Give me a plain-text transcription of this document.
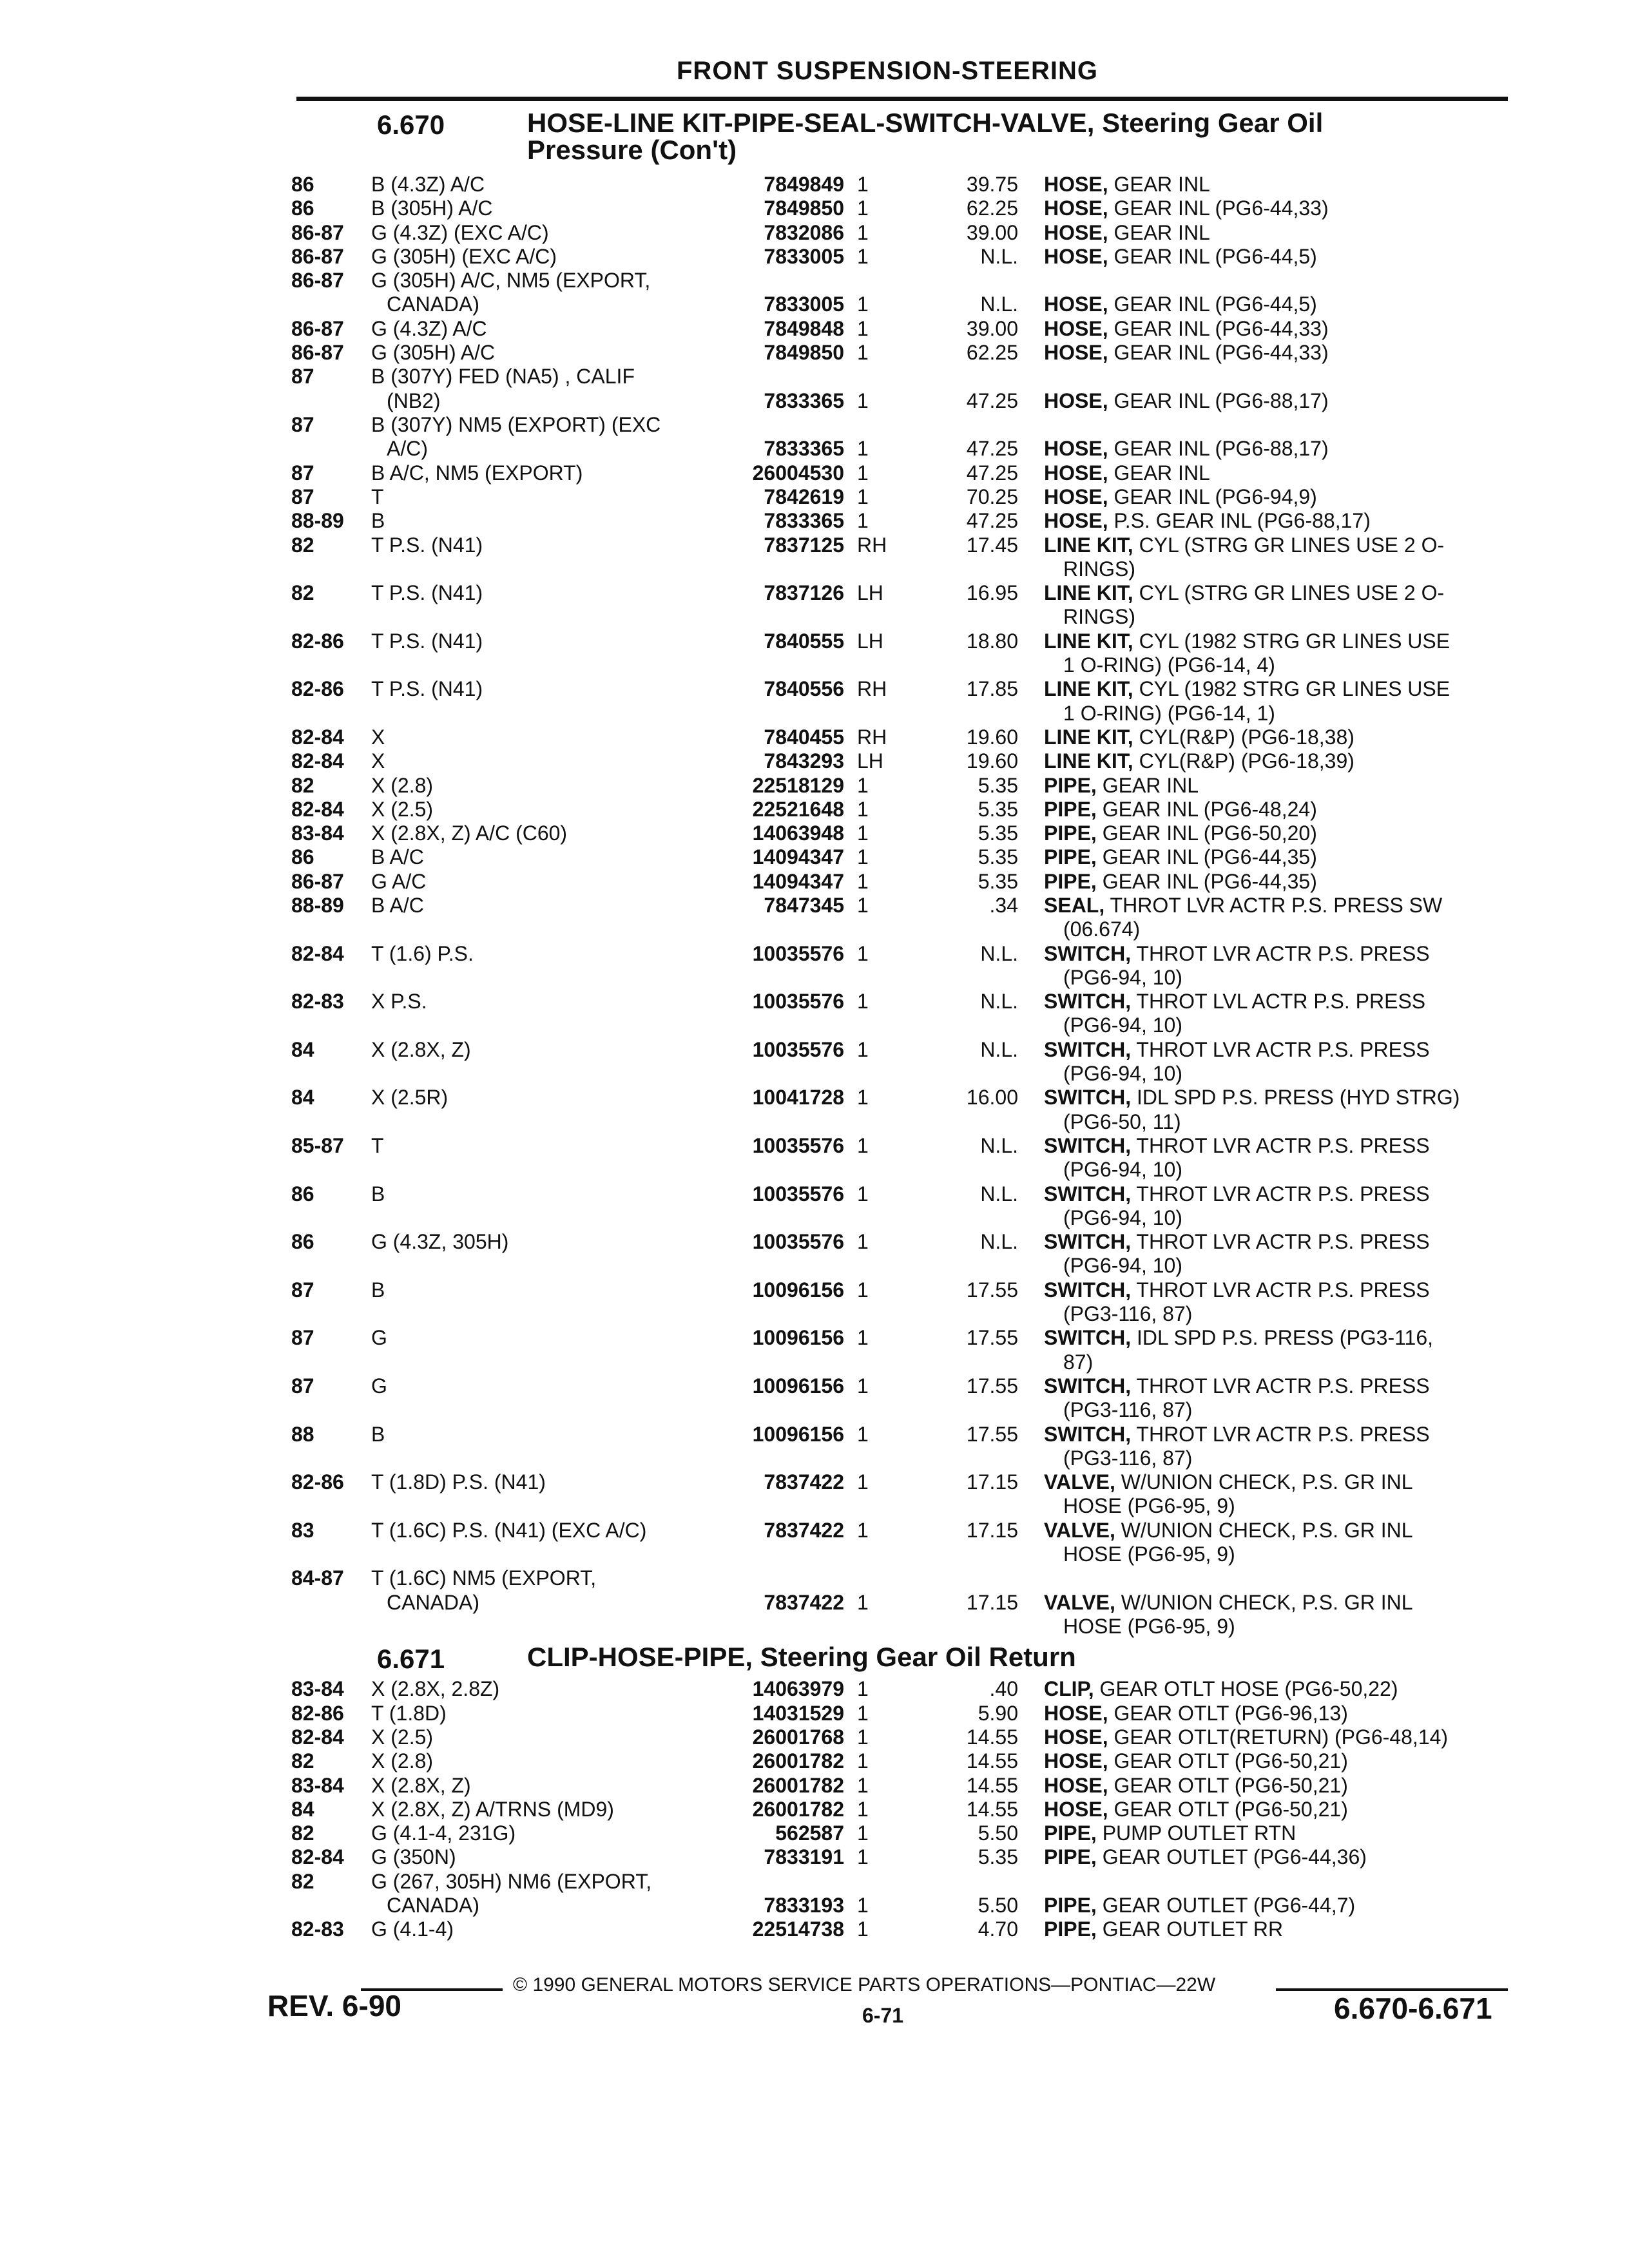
FRONT SUSPENSION-STEERING
6.670	HOSE-LINE KIT-PIPE-SEAL-SWITCH-VALVE, Steering Gear Oil
Pressure (Con't)
86	B (4.3Z) A/C	7849849 1	39.75 HOSE, GEAR INL
86	B (305H) A/C	7849850 1	62.25 HOSE, GEAR INL (PG6-44,33)
86-87	G (4.3Z) (EXC A/C)	7832086 1	39.00 HOSE, GEAR INL
86-87	G (305H) (EXC A/C)	7833005 1	N.L. HOSE, GEAR INL (PG6-44,5)
86-87	G (305H) A/C, NM5 (EXPORT,
CANADA)	7833005 1	N.L. HOSE, GEAR INL (PG6-44,5)
86-87	G (4.3Z) A/C	7849848 1	39.00 HOSE, GEAR INL (PG6-44,33)
86-87	G (305H) A/C	7849850 1	62.25 HOSE, GEAR INL (PG6-44,33)
87	B (307Y) FED (NA5) , CALIF
(NB2)	7833365 1	47.25 HOSE, GEAR INL (PG6-88,17)
87	B (307Y) NM5 (EXPORT) (EXC
A/C)	7833365 1	47.25 HOSE, GEAR INL (PG6-88,17)
87	B A/C, NM5 (EXPORT)	26004530 1	47.25 HOSE, GEAR INL
87	T	7842619 1	70.25 HOSE, GEAR INL (PG6-94,9)
88-89	B	7833365 1	47.25 HOSE, P.S. GEAR INL (PG6-88,17)
82	T P.S. (N41)	7837125 RH	17.45 LINE KIT, CYL (STRG GR LINES USE 2 O-
RINGS)
82	T P.S. (N41)	7837126 LH	16.95 LINE KIT, CYL (STRG GR LINES USE 2 O-
RINGS)
82-86	T P.S. (N41)	7840555 LH	18.80 LINE KIT, CYL (1982 STRG GR LINES USE
1 O-RING) (PG6-14, 4)
82-86	T P.S. (N41)	7840556 RH	17.85 LINE KIT, CYL (1982 STRG GR LINES USE
1 O-RING) (PG6-14, 1)
82-84	X	7840455 RH	19.60 LINE KIT, CYL(R&P) (PG6-18,38)
82-84	X	7843293 LH	19.60 LINE KIT, CYL(R&P) (PG6-18,39)
82	X (2.8)	22518129 1	5.35 PIPE, GEAR INL
82-84	X (2.5)	22521648 1	5.35 PIPE, GEAR INL (PG6-48,24)
83-84	X (2.8X, Z) A/C (C60)	14063948 1	5.35 PIPE, GEAR INL (PG6-50,20)
86	B A/C	14094347 1	5.35 PIPE, GEAR INL (PG6-44,35)
86-87	G A/C	14094347 1	5.35 PIPE, GEAR INL (PG6-44,35)
88-89	B A/C	7847345 1	.34 SEAL, THROT LVR ACTR P.S. PRESS SW
(06.674)
82-84	T (1.6) P.S.	10035576 1	N.L. SWITCH, THROT LVR ACTR P.S. PRESS
(PG6-94, 10)
82-83	X P.S.	10035576 1	N.L. SWITCH, THROT LVL ACTR P.S. PRESS
(PG6-94, 10)
84	X (2.8X, Z)	10035576 1	N.L. SWITCH, THROT LVR ACTR P.S. PRESS
(PG6-94, 10)
84	X (2.5R)	10041728 1	16.00 SWITCH, IDL SPD P.S. PRESS (HYD STRG)
(PG6-50, 11)
85-87	T	10035576 1	N.L. SWITCH, THROT LVR ACTR P.S. PRESS
(PG6-94, 10)
86	B	10035576 1	N.L. SWITCH, THROT LVR ACTR P.S. PRESS
(PG6-94, 10)
86	G (4.3Z, 305H)	10035576 1	N.L. SWITCH, THROT LVR ACTR P.S. PRESS
(PG6-94, 10)
87	B	10096156 1	17.55 SWITCH, THROT LVR ACTR P.S. PRESS
(PG3-116, 87)
87	G	10096156 1	17.55 SWITCH, IDL SPD P.S. PRESS (PG3-116,
87)
87	G	10096156 1	17.55 SWITCH, THROT LVR ACTR P.S. PRESS
(PG3-116, 87)
88	B	10096156 1	17.55 SWITCH, THROT LVR ACTR P.S. PRESS
(PG3-116, 87)
82-86	T (1.8D) P.S. (N41)	7837422 1	17.15 VALVE, W/UNION CHECK, P.S. GR INL
HOSE (PG6-95, 9)
83	T (1.6C) P.S. (N41) (EXC A/C)	7837422 1	17.15 VALVE, W/UNION CHECK, P.S. GR INL
HOSE (PG6-95, 9)
84-87	T (1.6C) NM5 (EXPORT,
CANADA)	7837422 1	17.15 VALVE, W/UNION CHECK, P.S. GR INL
HOSE (PG6-95, 9)
6.671	CLIP-HOSE-PIPE, Steering Gear Oil Return
83-84	X (2.8X, 2.8Z)	14063979 1	.40 CLIP, GEAR OTLT HOSE (PG6-50,22)
82-86	T (1.8D)	14031529 1	5.90 HOSE, GEAR OTLT (PG6-96,13)
82-84	X (2.5)	26001768 1	14.55 HOSE, GEAR OTLT(RETURN) (PG6-48,14)
82	X (2.8)	26001782 1	14.55 HOSE, GEAR OTLT (PG6-50,21)
83-84	X (2.8X, Z)	26001782 1	14.55 HOSE, GEAR OTLT (PG6-50,21)
84	X (2.8X, Z) A/TRNS (MD9)	26001782 1	14.55 HOSE, GEAR OTLT (PG6-50,21)
82	G (4.1-4, 231G)	562587 1	5.50 PIPE, PUMP OUTLET RTN
82-84	G (350N)	7833191 1	5.35 PIPE, GEAR OUTLET (PG6-44,36)
82	G (267, 305H) NM6 (EXPORT,
CANADA)	7833193 1	5.50 PIPE, GEAR OUTLET (PG6-44,7)
82-83	G (4.1-4)	22514738 1	4.70 PIPE, GEAR OUTLET RR
© 1990 GENERAL MOTORS SERVICE PARTS OPERATIONS—PONTIAC—22W
REV. 6-90	6-71	6.670-6.671
